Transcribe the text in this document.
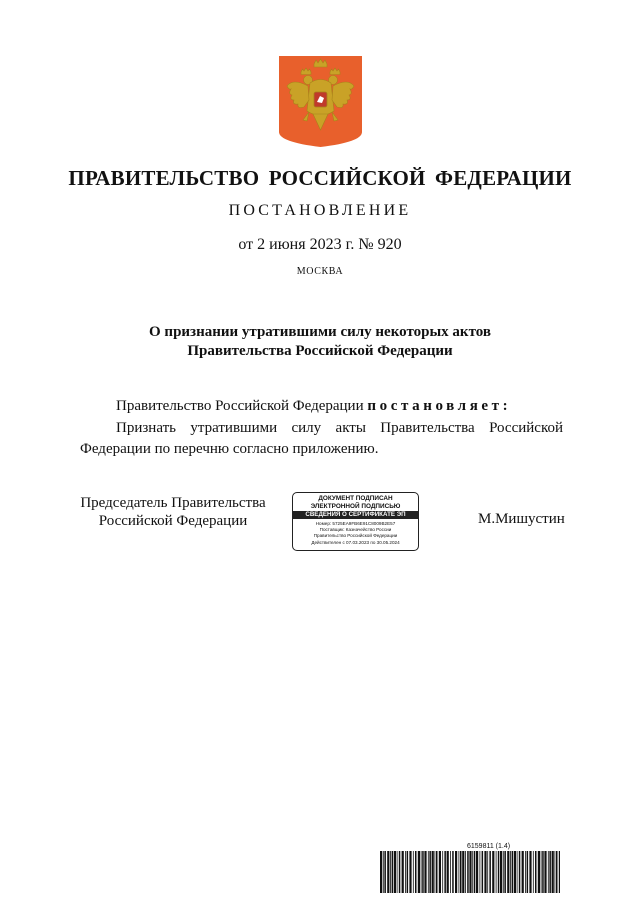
ПРАВИТЕЛЬСТВО РОССИЙСКОЙ ФЕДЕРАЦИИ
ПОСТАНОВЛЕНИЕ
от 2 июня 2023 г. № 920
МОСКВА
О признании утратившими силу некоторых актов
Правительства Российской Федерации
Правительство Российской Федерации постановляет:
Признать утратившими силу акты Правительства Российской Федерации по перечню согласно приложению.
Председатель Правительства
Российской Федерации
ДОКУМЕНТ ПОДПИСАН
ЭЛЕКТРОННОЙ ПОДПИСЬЮ
СВЕДЕНИЯ О СЕРТИФИКАТЕ ЭП
Номер: 5725EA9FB6E91C8009B2E57
Поставщик: Казначейство России
Правительство Российской Федерации
Действителен с 07.03.2023 по 30.05.2024
М.Мишустин
6159811 (1.4)
